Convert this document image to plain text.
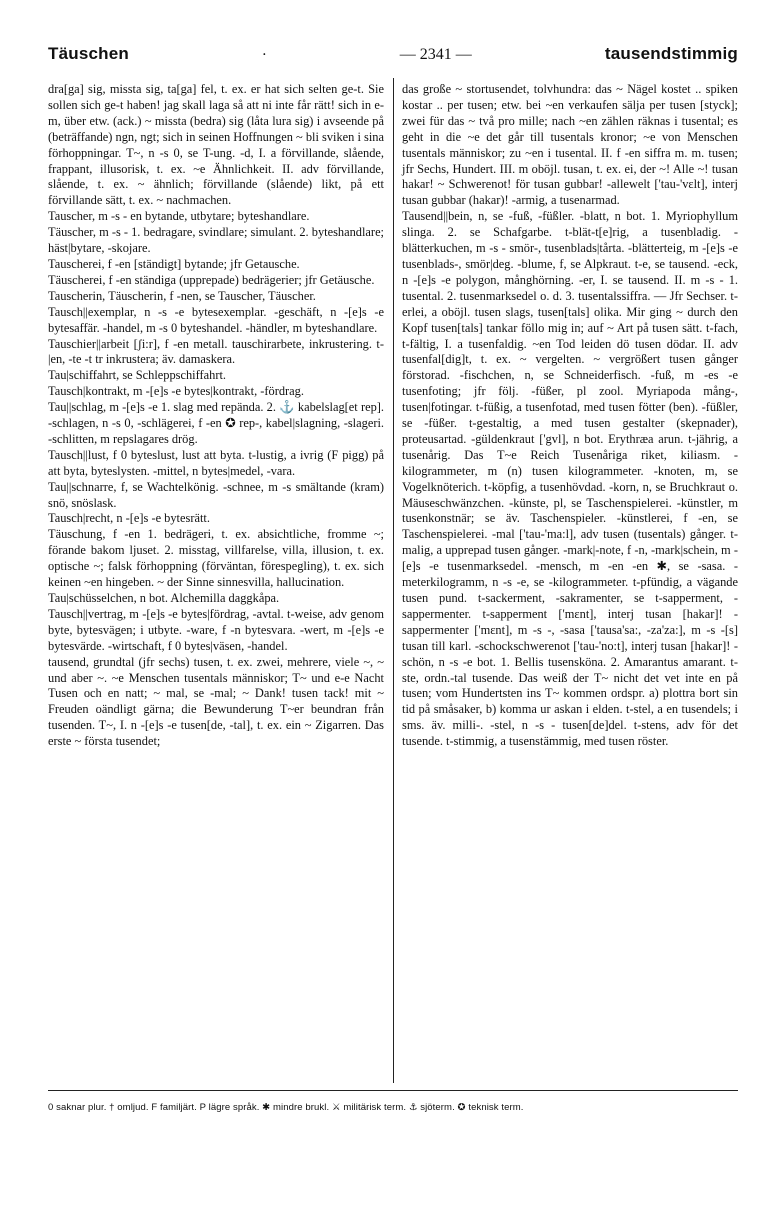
Täuschen	·	— 2341 —	tausendstimmig

dra[ga] sig, missta sig, ta[ga] fel, t. ex. er hat sich selten ge-t. Sie sollen sich ge-t haben! jag skall laga så att ni inte får rätt! sich in e-m, über etw. (ack.) ~ missta (bedra) sig (låta lura sig) i avseende på (beträffande) ngn, ngt; sich in seinen Hoffnungen ~ bli sviken i sina förhoppningar. T~, n -s 0, se T-ung. -d, I. a förvillande, slående, frappant, illusorisk, t. ex. ~e Ähnlichkeit. II. adv förvillande, slående, t. ex. ~ ähnlich; förvillande (slående) likt, på ett förvillande sätt, t. ex. ~ nachmachen.

Tauscher, m -s - en bytande, utbytare; byteshandlare.

Täuscher, m -s - 1. bedragare, svindlare; simulant. 2. byteshandlare; häst|bytare, -skojare.

Tauscherei, f -en [ständigt] bytande; jfr Getausche.

Täuscherei, f -en ständiga (upprepade) bedrägerier; jfr Getäusche.

Tauscherin, Täuscherin, f -nen, se Tauscher, Täuscher.

Tausch||exemplar, n -s -e bytesexemplar. -geschäft, n -[e]s -e bytesaffär. -handel, m -s 0 byteshandel. -händler, m byteshandlare.

Tauschier||arbeit [ʃi:r], f -en metall. tauschirarbete, inkrustering. t-|en, -te -t tr inkrustera; äv. damaskera.

Tau|schiffahrt, se Schleppschiffahrt.

Tausch|kontrakt, m -[e]s -e bytes|kontrakt, -fördrag.

Tau||schlag, m -[e]s -e 1. slag med repända. 2. ⚓ kabelslag[et rep]. -schlagen, n -s 0, -schlägerei, f -en ✪ rep-, kabel|slagning, -slageri. -schlitten, m repslagares drög.

Tausch||lust, f 0 byteslust, lust att byta. t-lustig, a ivrig (F pigg) på att byta, byteslysten. -mittel, n bytes|medel, -vara.

Tau||schnarre, f, se Wachtelkönig. -schnee, m -s smältande (kram) snö, snöslask.

Tausch|recht, n -[e]s -e bytesrätt.

Täuschung, f -en 1. bedrägeri, t. ex. absichtliche, fromme ~; förande bakom ljuset. 2. misstag, villfarelse, villa, illusion, t. ex. optische ~; falsk förhoppning (förväntan, förespegling), t. ex. sich keinen ~en hingeben. ~ der Sinne sinnesvilla, hallucination.

Tau|schüsselchen, n bot. Alchemilla daggkåpa.

Tausch||vertrag, m -[e]s -e bytes|fördrag, -avtal. t-weise, adv genom byte, bytesvägen; i utbyte. -ware, f -n bytesvara. -wert, m -[e]s -e bytesvärde. -wirtschaft, f 0 bytes|väsen, -handel.

tausend, grundtal (jfr sechs) tusen, t. ex. zwei, mehrere, viele ~, ~ und aber ~. ~e Menschen tusentals människor; T~ und e-e Nacht Tusen och en natt; ~ mal, se -mal; ~ Dank! tusen tack! mit ~ Freuden oändligt gärna; die Bewunderung T~er beundran från tusenden. T~, I. n -[e]s -e tusen[de, -tal], t. ex. ein ~ Zigarren. Das erste ~ första tusendet;

das große ~ stortusendet, tolvhundra: das ~ Nägel kostet .. spiken kostar .. per tusen; etw. bei ~en verkaufen sälja per tusen [styck]; zwei für das ~ två pro mille; nach ~en zählen räknas i tusental; es geht in die ~e det går till tusentals kronor; ~e von Menschen tusentals människor; zu ~en i tusental. II. f -en siffra m. m. tusen; jfr Sechs, Hundert. III. m oböjl. tusan, t. ex. ei, der ~! Alle ~! tusan hakar! ~ Schwerenot! för tusan gubbar! -allewelt ['tau-'vɛlt], interj tusan gubbar (hakar)! -armig, a tusenarmad.

Tausend||bein, n, se -fuß, -füßler. -blatt, n bot. 1. Myriophyllum slinga. 2. se Schafgarbe. t-blät-t[e]rig, a tusenbladig. -blätterkuchen, m -s - smör-, tusenblads|tårta. -blätterteig, m -[e]s -e tusenblads-, smör|deg. -blume, f, se Alpkraut. t-e, se tausend. -eck, n -[e]s -e polygon, månghörning. -er, I. se tausend. II. m -s - 1. tusental. 2. tusenmarksedel o. d. 3. tusentalssiffra. — Jfr Sechser. t-erlei, a oböjl. tusen slags, tusen[tals] olika. Mir ging ~ durch den Kopf tusen[tals] tankar föllo mig in; auf ~ Art på tusen sätt. t-fach, t-fältig, I. a tusenfaldig. ~en Tod leiden dö tusen dödar. II. adv tusenfal[dig]t, t. ex. ~ vergelten. ~ vergrößert tusen gånger förstorad. -fischchen, n, se Schneiderfisch. -fuß, m -es -e tusenfoting; jfr följ. -füßer, pl zool. Myriapoda mång-, tusen|fotingar. t-füßig, a tusenfotad, med tusen fötter (ben). -füßler, se -füßer. t-gestaltig, a med tusen gestalter (skepnader), proteusartad. -güldenkraut ['gvl], n bot. Erythræa arun. t-jährig, a tusenårig. Das T~e Reich Tusenåriga riket, kiliasm. -kilogrammeter, m (n) tusen kilogrammeter. -knoten, m, se Vogelknöterich. t-köpfig, a tusenhövdad. -korn, n, se Bruchkraut o. Mäuseschwänzchen. -künste, pl, se Taschenspielerei. -künstler, m tusenkonstnär; se äv. Taschenspieler. -künstlerei, f -en, se Taschenspielerei. -mal ['tau-'ma:l], adv tusen (tusentals) gånger. t-malig, a upprepad tusen gånger. -mark|-note, f -n, -mark|schein, m -[e]s -e tusenmarksedel. -mensch, m -en -en ✱, se -sasa. -meterkilogramm, n -s -e, se -kilogrammeter. t-pfündig, a vägande tusen pund. t-sackerment, -sakramenter, se t-sapperment, -sappermenter. t-sapperment ['mɛnt], interj tusan [hakar]! -sappermenter ['mɛnt], m -s -, -sasa ['tausa'sa:, -za'za:], m -s -[s] tusan till karl. -schockschwerenot ['tau-'no:t], interj tusan [hakar]! -schön, n -s -e bot. 1. Bellis tusensköna. 2. Amarantus amarant. t-ste, ordn.-tal tusende. Das weiß der T~ nicht det vet inte en på tusen; vom Hundertsten ins T~ kommen ordspr. a) plottra bort sin tid på småsaker, b) komma ur askan i elden. t-stel, a en tusendels; i sms. äv. milli-. -stel, n -s - tusen[de]del. t-stens, adv för det tusende. t-stimmig, a tusenstämmig, med tusen röster.

0 saknar plur. † omljud. F familjärt. P lägre språk. ✱ mindre brukl. ⚔ militärisk term. ⚓ sjöterm. ✪ teknisk term.
